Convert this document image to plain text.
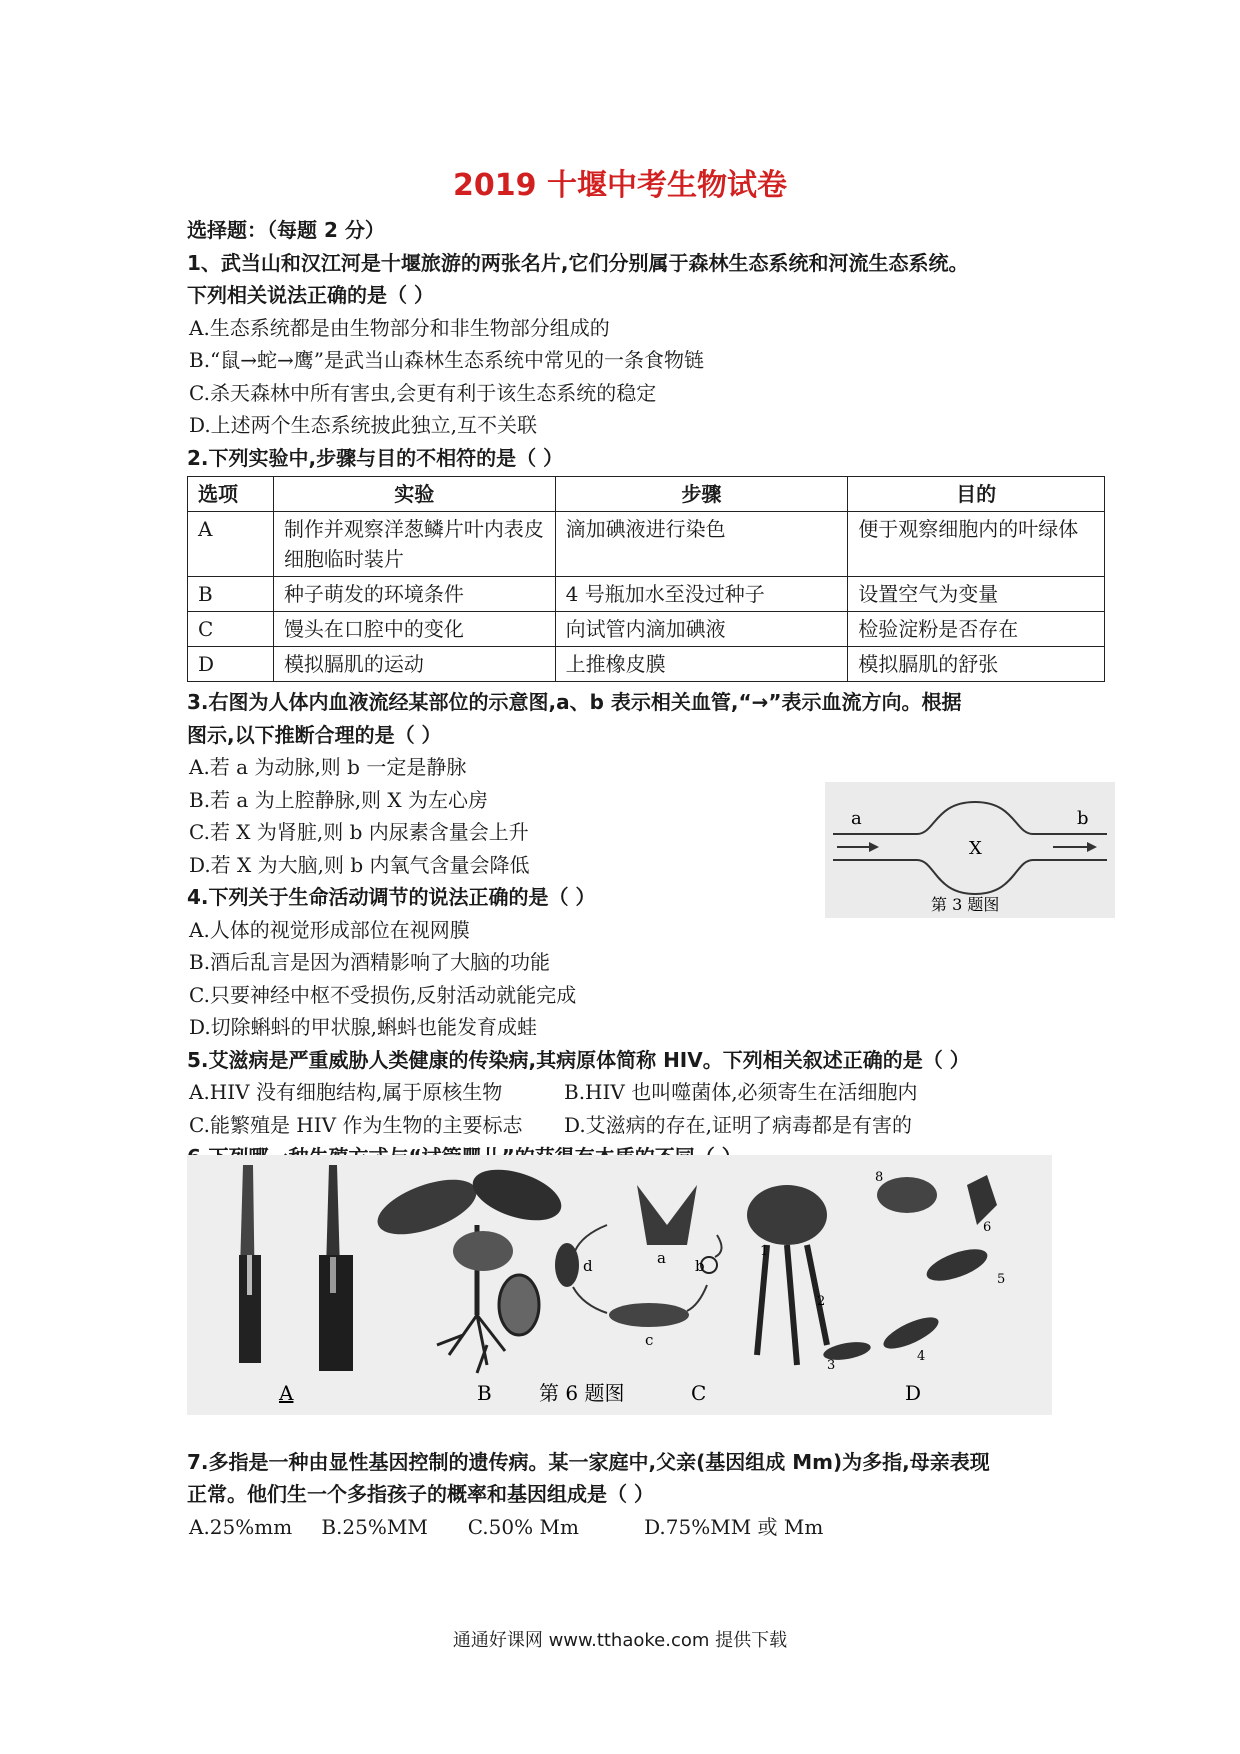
2019 十堰中考生物试卷
选择题：（每题 2 分）
1、武当山和汉江河是十堰旅游的两张名片,它们分别属于森林生态系统和河流生态系统。
下列相关说法正确的是（ ）
A.生态系统都是由生物部分和非生物部分组成的
B.“鼠→蛇→鹰”是武当山森林生态系统中常见的一条食物链
C.杀天森林中所有害虫,会更有利于该生态系统的稳定
D.上述两个生态系统披此独立,互不关联
2.下列实验中,步骤与目的不相符的是（ ）
选项	实验	步骤	目的
A	制作并观察洋葱鳞片叶内表皮细胞临时装片	滴加碘液进行染色	便于观察细胞内的叶绿体
B	种子萌发的环境条件	4 号瓶加水至没过种子	设置空气为变量
C	馒头在口腔中的变化	向试管内滴加碘液	检验淀粉是否存在
D	模拟膈肌的运动	上推橡皮膜	模拟膈肌的舒张
3.右图为人体内血液流经某部位的示意图,a、b 表示相关血管,“→”表示血流方向。根据
图示,以下推断合理的是（ ）
A.若 a 为动脉,则 b 一定是静脉
B.若 a 为上腔静脉,则 X 为左心房
C.若 X 为肾脏,则 b 内尿素含量会上升
D.若 X 为大脑,则 b 内氧气含量会降低
4.下列关于生命活动调节的说法正确的是（ ）
A.人体的视觉形成部位在视网膜
B.酒后乱言是因为酒精影响了大脑的功能
C.只要神经中枢不受损伤,反射活动就能完成
D.切除蝌蚪的甲状腺,蝌蚪也能发育成蛙
5.艾滋病是严重威胁人类健康的传染病,其病原体简称 HIV。下列相关叙述正确的是（ ）
A.HIV 没有细胞结构,属于原核生物	B.HIV 也叫噬菌体,必须寄生在活细胞内
C.能繁殖是 HIV 作为生物的主要标志	D.艾滋病的存在,证明了病毒都是有害的
7.多指是一种由显性基因控制的遗传病。某一家庭中,父亲(基因组成 Mm)为多指,母亲表现
正常。他们生一个多指孩子的概率和基因组成是（ ）
A.25%mm B.25%MM C.50% Mm	D.75%MM 或 Mm
a	b
X
第 3 题图
a b
c
d
1
2
3
4
5
6
8
A	B 第 6 题图	C	D
通通好课网 www.tthaoke.com 提供下载
